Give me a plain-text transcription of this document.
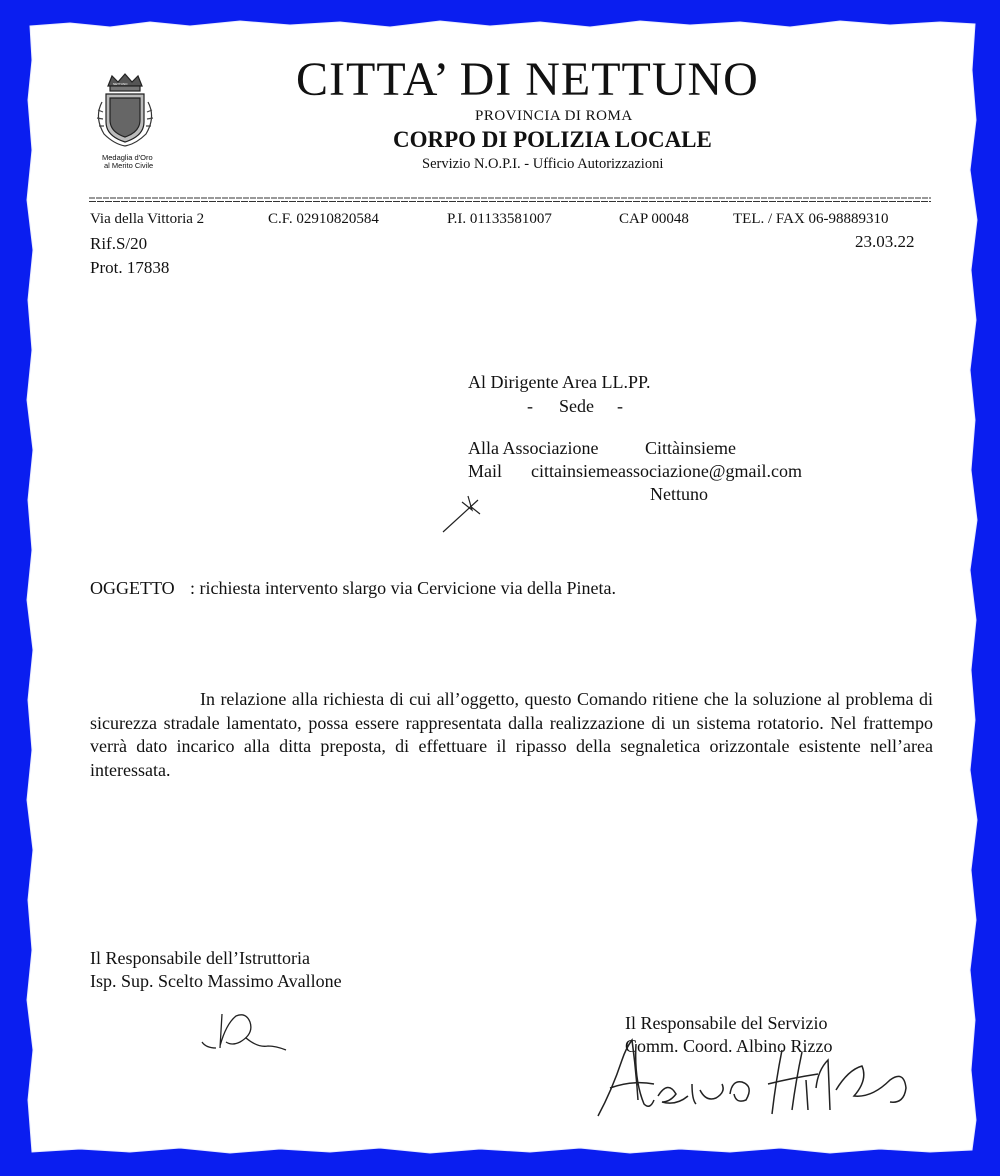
NETTUNO
Medaglia d'Oro
al Merito Civile
CITTA’ DI NETTUNO
PROVINCIA DI ROMA
CORPO DI POLIZIA LOCALE
Servizio N.O.P.I. - Ufficio Autorizzazioni
Via della Vittoria 2	C.F. 02910820584	P.I. 01133581007	CAP 00048	TEL. / FAX 06-98889310
Rif.S/20	23.03.22
Prot. 17838
Al Dirigente Area LL.PP.
- Sede -
Alla Associazione	Cittàinsieme
Mail cittainsiemeassociazione@gmail.com
Nettuno
OGGETTO : richiesta intervento slargo via Cervicione via della Pineta.
In relazione alla richiesta di cui all’oggetto, questo Comando ritiene che la soluzione al problema di sicurezza stradale lamentato, possa essere rappresentata dalla realizzazione di un sistema rotatorio. Nel frattempo verrà dato incarico alla ditta preposta, di effettuare il ripasso della segnaletica orizzontale esistente nell’area interessata.
Il Responsabile dell’Istruttoria
Isp. Sup. Scelto Massimo Avallone
Il Responsabile del Servizio
Comm. Coord. Albino Rizzo
